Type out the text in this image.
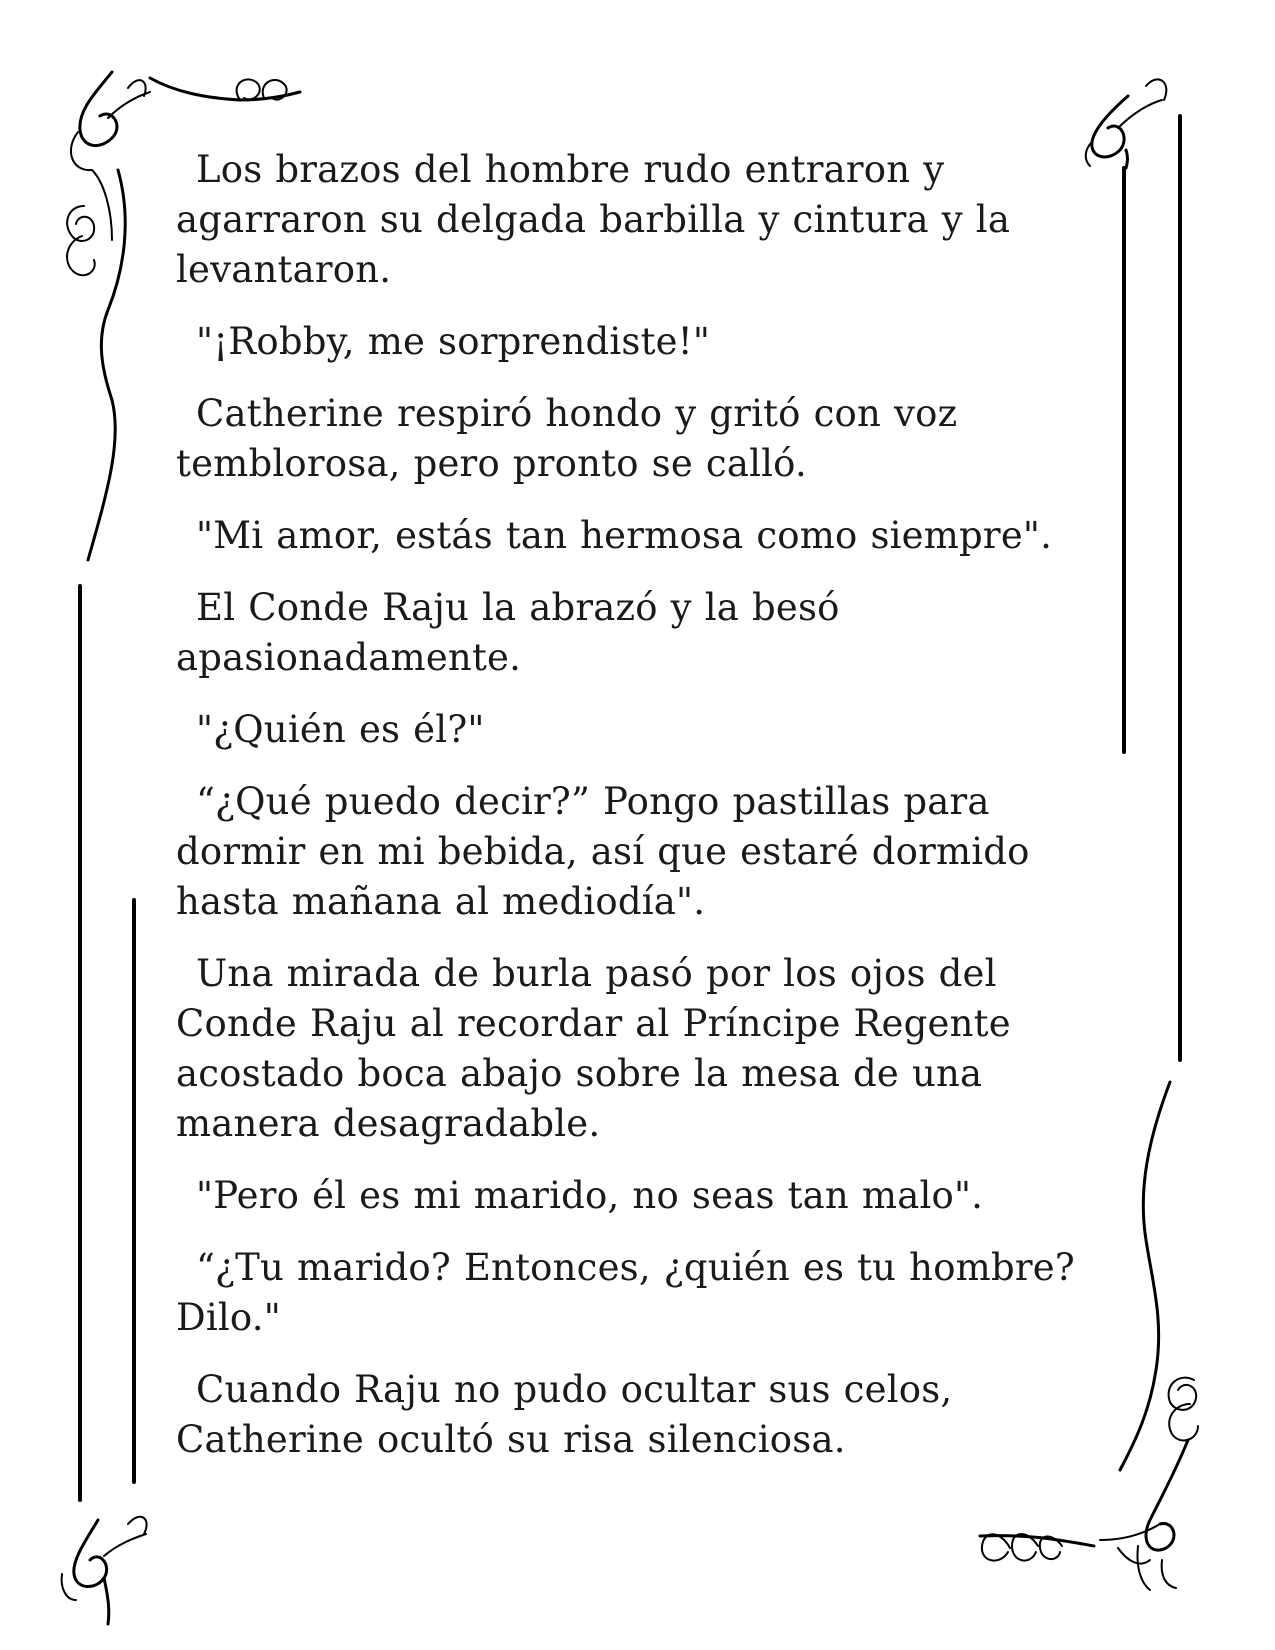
Los brazos del hombre rudo entraron y agarraron su delgada barbilla y cintura y la levantaron.

"¡Robby, me sorprendiste!"

Catherine respiró hondo y gritó con voz temblorosa, pero pronto se calló.

"Mi amor, estás tan hermosa como siempre".

El Conde Raju la abrazó y la besó apasionadamente.

"¿Quién es él?"

“¿Qué puedo decir?” Pongo pastillas para dormir en mi bebida, así que estaré dormido hasta mañana al mediodía".

Una mirada de burla pasó por los ojos del Conde Raju al recordar al Príncipe Regente acostado boca abajo sobre la mesa de una manera desagradable.

"Pero él es mi marido, no seas tan malo".

“¿Tu marido? Entonces, ¿quién es tu hombre? Dilo."

Cuando Raju no pudo ocultar sus celos, Catherine ocultó su risa silenciosa.
